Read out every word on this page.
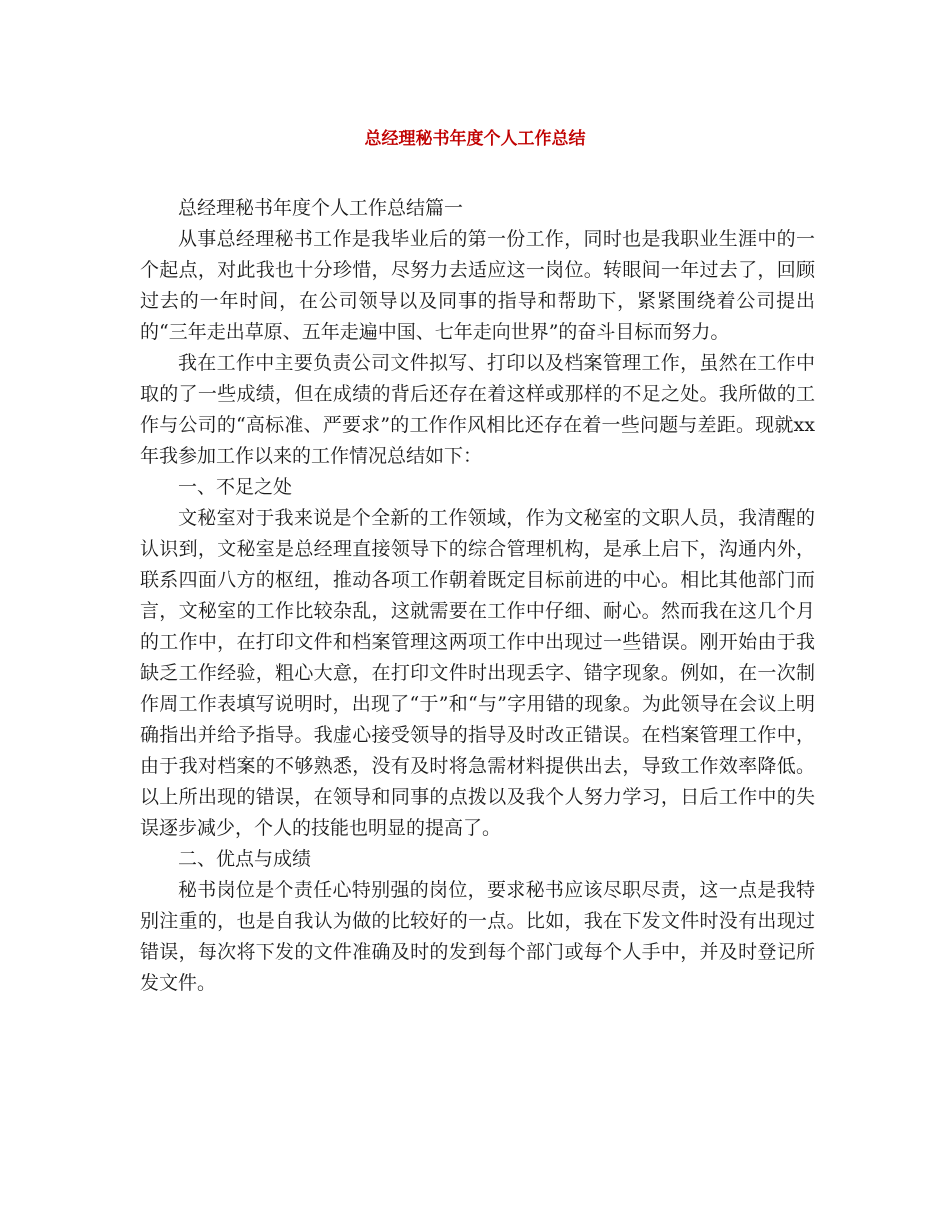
总经理秘书年度个人工作总结

总经理秘书年度个人工作总结篇一

从事总经理秘书工作是我毕业后的第一份工作，同时也是我职业生涯中的一个起点，对此我也十分珍惜，尽努力去适应这一岗位。转眼间一年过去了，回顾过去的一年时间，在公司领导以及同事的指导和帮助下，紧紧围绕着公司提出的“三年走出草原、五年走遍中国、七年走向世界”的奋斗目标而努力。

我在工作中主要负责公司文件拟写、打印以及档案管理工作，虽然在工作中取的了一些成绩，但在成绩的背后还存在着这样或那样的不足之处。我所做的工作与公司的“高标准、严要求”的工作作风相比还存在着一些问题与差距。现就xx年我参加工作以来的工作情况总结如下：

一、不足之处

文秘室对于我来说是个全新的工作领域，作为文秘室的文职人员，我清醒的认识到，文秘室是总经理直接领导下的综合管理机构，是承上启下，沟通内外，联系四面八方的枢纽，推动各项工作朝着既定目标前进的中心。相比其他部门而言，文秘室的工作比较杂乱，这就需要在工作中仔细、耐心。然而我在这几个月的工作中，在打印文件和档案管理这两项工作中出现过一些错误。刚开始由于我缺乏工作经验，粗心大意，在打印文件时出现丢字、错字现象。例如，在一次制作周工作表填写说明时，出现了“于”和“与”字用错的现象。为此领导在会议上明确指出并给予指导。我虚心接受领导的指导及时改正错误。在档案管理工作中，由于我对档案的不够熟悉，没有及时将急需材料提供出去，导致工作效率降低。以上所出现的错误，在领导和同事的点拨以及我个人努力学习，日后工作中的失误逐步减少，个人的技能也明显的提高了。

二、优点与成绩

秘书岗位是个责任心特别强的岗位，要求秘书应该尽职尽责，这一点是我特别注重的，也是自我认为做的比较好的一点。比如，我在下发文件时没有出现过错误，每次将下发的文件准确及时的发到每个部门或每个人手中，并及时登记所发文件。
